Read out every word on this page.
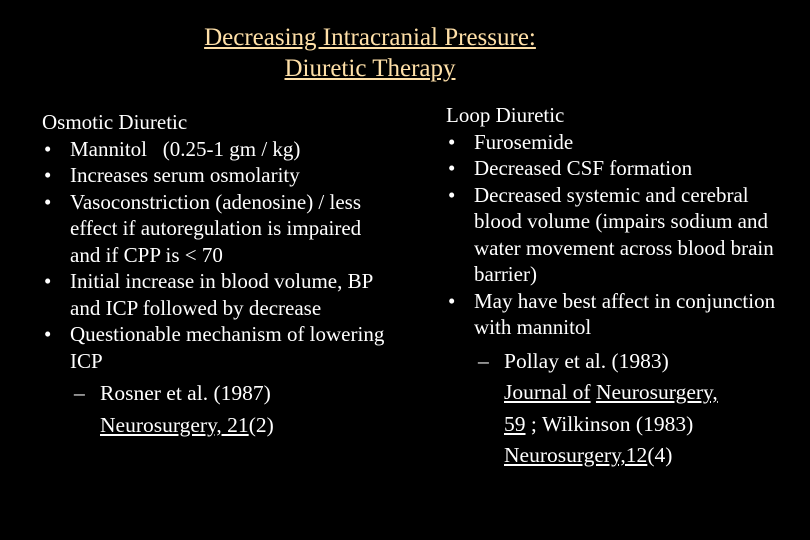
Decreasing Intracranial Pressure:
Diuretic Therapy

Osmotic Diuretic

• Mannitol   (0.25-1 gm / kg)

• Increases serum osmolarity

• Vasoconstriction (adenosine) / less effect if autoregulation is impaired and if CPP is < 70

• Initial increase in blood volume, BP and ICP followed by decrease

• Questionable mechanism of lowering ICP

– Rosner et al. (1987)
Neurosurgery, 21(2)

Loop Diuretic

• Furosemide

• Decreased CSF formation

• Decreased systemic and cerebral blood volume (impairs sodium and water movement across blood brain barrier)

• May have best affect in conjunction with mannitol

– Pollay et al. (1983)
Journal of Neurosurgery,
59 ; Wilkinson (1983)
Neurosurgery,12(4)
